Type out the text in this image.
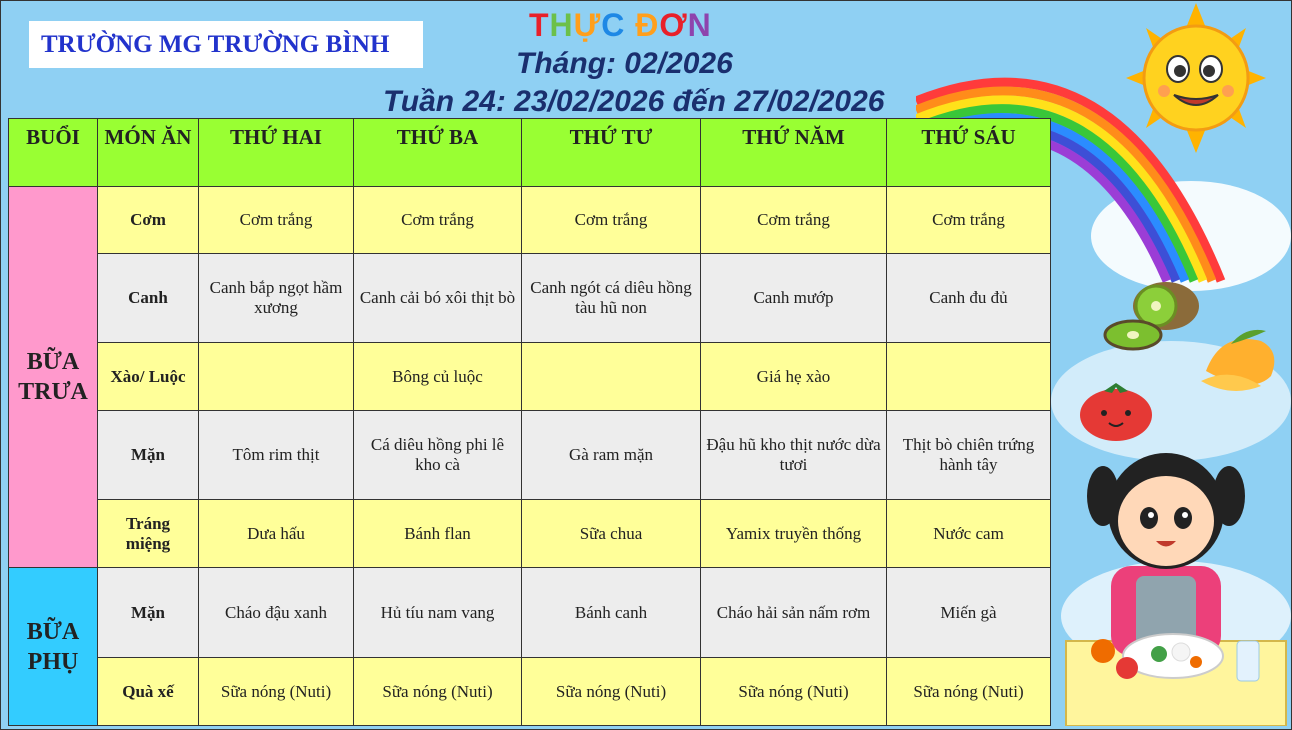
TRƯỜNG MG TRƯỜNG BÌNH
THỰC ĐƠN
Tháng: 02/2026
Tuần 24: 23/02/2026 đến 27/02/2026
BUỔI	MÓN ĂN	THỨ HAI	THỨ BA	THỨ TƯ	THỨ NĂM	THỨ SÁU
BỮA TRƯA	Cơm	Cơm trắng	Cơm trắng	Cơm trắng	Cơm trắng	Cơm trắng
	Canh	Canh bắp ngọt hầm xương	Canh cải bó xôi thịt bò	Canh ngót cá diêu hồng tàu hũ non	Canh mướp	Canh đu đủ
	Xào/ Luộc		Bông củ luộc		Giá hẹ xào	
	Mặn	Tôm rim thịt	Cá diêu hồng phi lê kho cà	Gà ram mặn	Đậu hũ kho thịt nước dừa tươi	Thịt bò chiên trứng hành tây
	Tráng miệng	Dưa hấu	Bánh flan	Sữa chua	Yamix truyền thống	Nước cam
BỮA PHỤ	Mặn	Cháo đậu xanh	Hủ tíu nam vang	Bánh canh	Cháo hải sản nấm rơm	Miến gà
	Quà xế	Sữa nóng (Nuti)	Sữa nóng (Nuti)	Sữa nóng (Nuti)	Sữa nóng (Nuti)	Sữa nóng (Nuti)
